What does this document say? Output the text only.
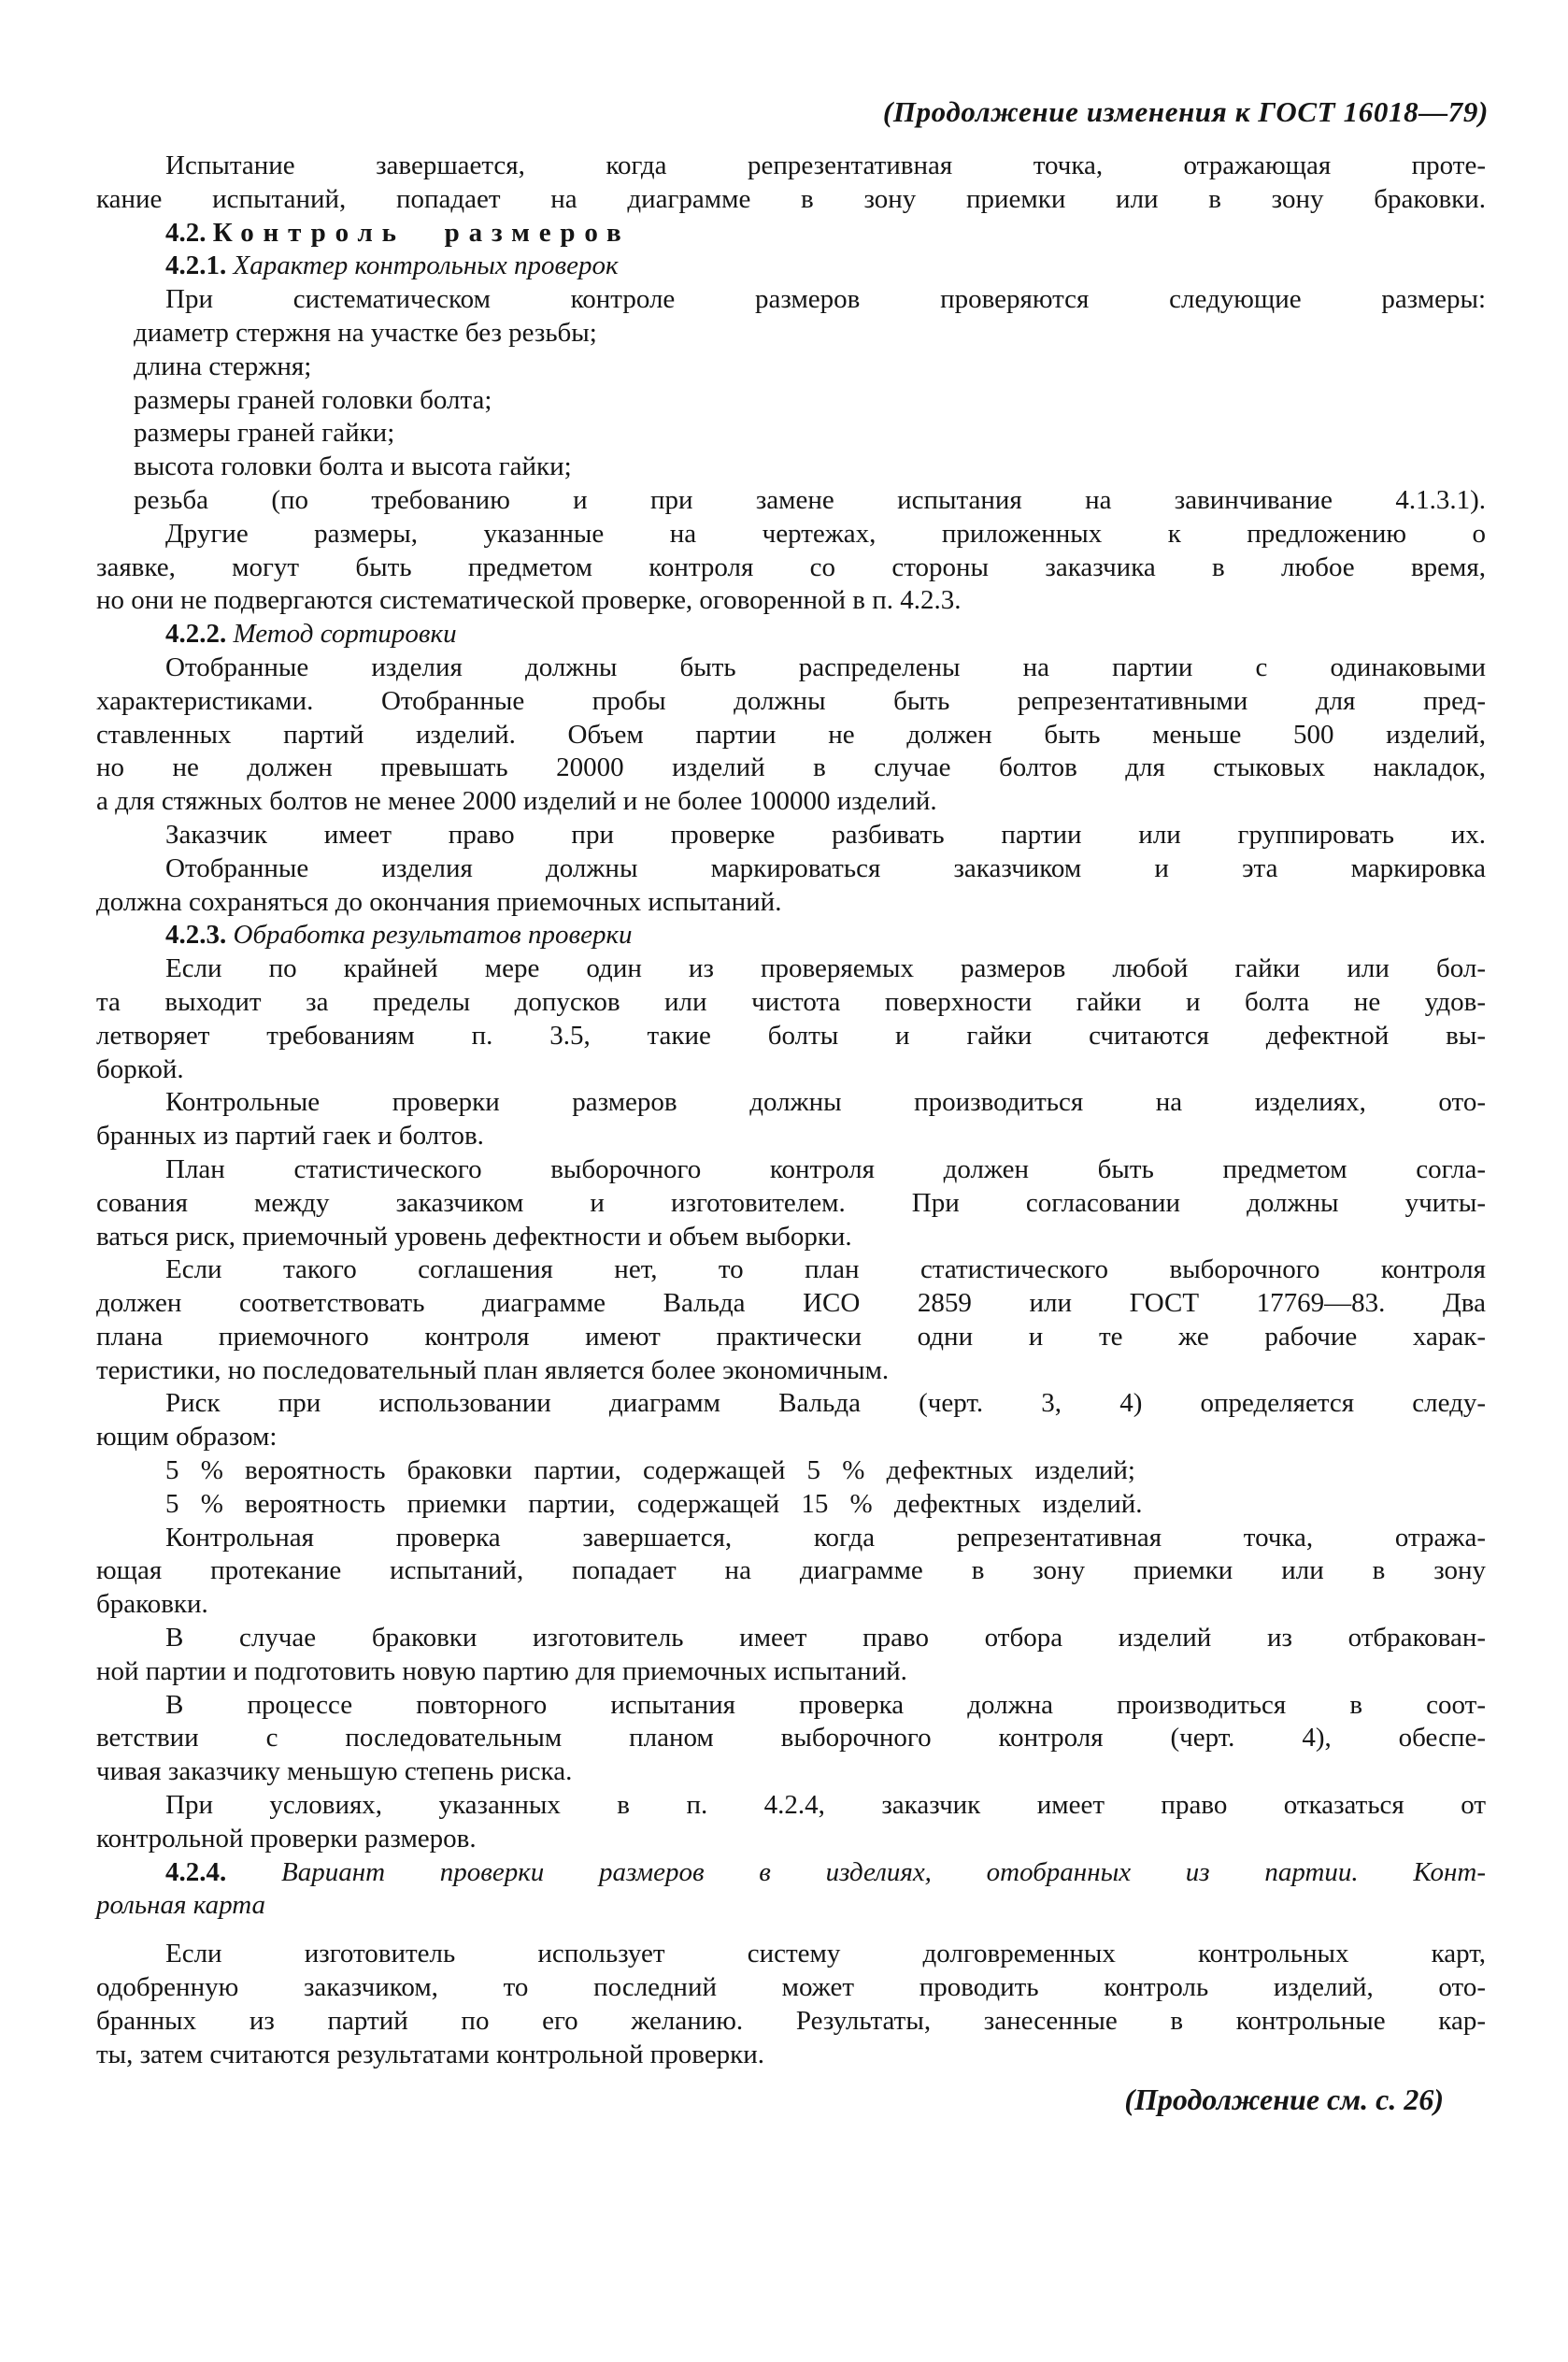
(Продолжение изменения к ГОСТ 16018—79)
Испытание завершается, когда репрезентативная точка, отражающая проте-
кание испытаний, попадает на диаграмме в зону приемки или в зону браковки.
4.2. Контроль размеров
4.2.1. Характер контрольных проверок
При систематическом контроле размеров проверяются следующие размеры:
диаметр стержня на участке без резьбы;
длина стержня;
размеры граней головки болта;
размеры граней гайки;
высота головки болта и высота гайки;
резьба (по требованию и при замене испытания на завинчивание 4.1.3.1).
Другие размеры, указанные на чертежах, приложенных к предложению о
заявке, могут быть предметом контроля со стороны заказчика в любое время,
но они не подвергаются систематической проверке, оговоренной в п. 4.2.3.
4.2.2. Метод сортировки
Отобранные изделия должны быть распределены на партии с одинаковыми
характеристиками. Отобранные пробы должны быть репрезентативными для пред-
ставленных партий изделий. Объем партии не должен быть меньше 500 изделий,
но не должен превышать 20000 изделий в случае болтов для стыковых накладок,
а для стяжных болтов не менее 2000 изделий и не более 100000 изделий.
Заказчик имеет право при проверке разбивать партии или группировать их.
Отобранные изделия должны маркироваться заказчиком и эта маркировка
должна сохраняться до окончания приемочных испытаний.
4.2.3. Обработка результатов проверки
Если по крайней мере один из проверяемых размеров любой гайки или бол-
та выходит за пределы допусков или чистота поверхности гайки и болта не удов-
летворяет требованиям п. 3.5, такие болты и гайки считаются дефектной вы-
боркой.
Контрольные проверки размеров должны производиться на изделиях, ото-
бранных из партий гаек и болтов.
План статистического выборочного контроля должен быть предметом согла-
сования между заказчиком и изготовителем. При согласовании должны учиты-
ваться риск, приемочный уровень дефектности и объем выборки.
Если такого соглашения нет, то план статистического выборочного контроля
должен соответствовать диаграмме Вальда ИСО 2859 или ГОСТ 17769—83. Два
плана приемочного контроля имеют практически одни и те же рабочие харак-
теристики, но последовательный план является более экономичным.
Риск при использовании диаграмм Вальда (черт. 3, 4) определяется следу-
ющим образом:
5 % вероятность браковки партии, содержащей 5 % дефектных изделий;
5 % вероятность приемки партии, содержащей 15 % дефектных изделий.
Контрольная проверка завершается, когда репрезентативная точка, отража-
ющая протекание испытаний, попадает на диаграмме в зону приемки или в зону
браковки.
В случае браковки изготовитель имеет право отбора изделий из отбракован-
ной партии и подготовить новую партию для приемочных испытаний.
В процессе повторного испытания проверка должна производиться в соот-
ветствии с последовательным планом выборочного контроля (черт. 4), обеспе-
чивая заказчику меньшую степень риска.
При условиях, указанных в п. 4.2.4, заказчик имеет право отказаться от
контрольной проверки размеров.
4.2.4. Вариант проверки размеров в изделиях, отобранных из партии. Конт-
рольная карта
Если изготовитель использует систему долговременных контрольных карт,
одобренную заказчиком, то последний может проводить контроль изделий, ото-
бранных из партий по его желанию. Результаты, занесенные в контрольные кар-
ты, затем считаются результатами контрольной проверки.
(Продолжение см. с. 26)
